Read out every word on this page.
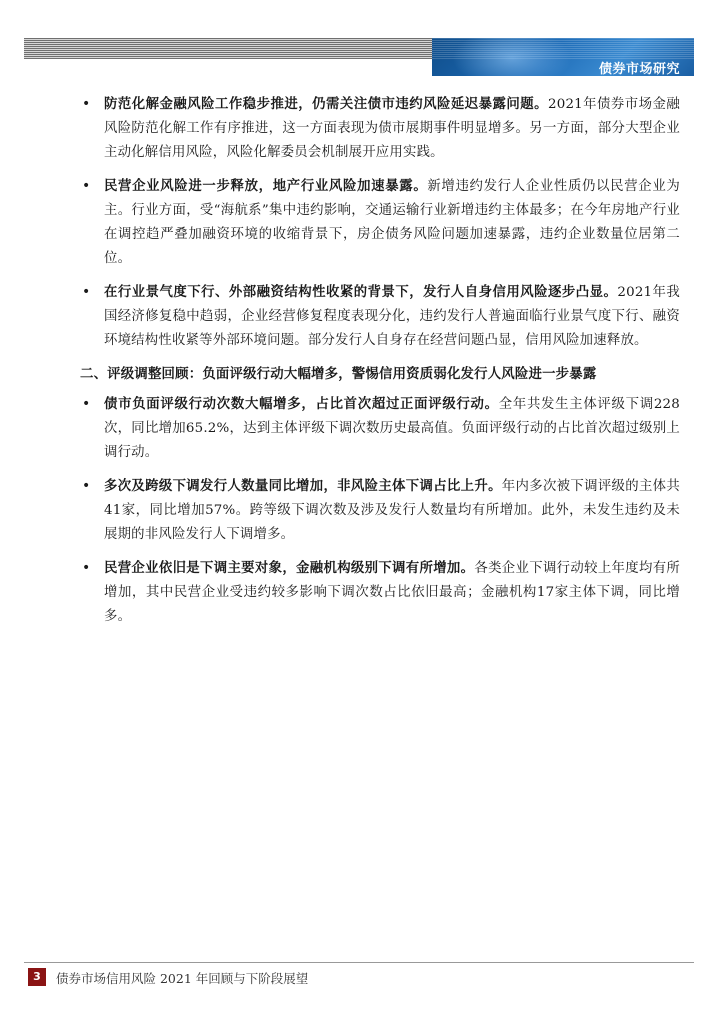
债券市场研究
• 防范化解金融风险工作稳步推进，仍需关注债市违约风险延迟暴露问题。2021年债券市场金融风险防范化解工作有序推进，这一方面表现为债市展期事件明显增多。另一方面，部分大型企业主动化解信用风险，风险化解委员会机制展开应用实践。

• 民营企业风险进一步释放，地产行业风险加速暴露。新增违约发行人企业性质仍以民营企业为主。行业方面，受“海航系”集中违约影响，交通运输行业新增违约主体最多；在今年房地产行业在调控趋严叠加融资环境的收缩背景下，房企债务风险问题加速暴露，违约企业数量位居第二位。

• 在行业景气度下行、外部融资结构性收紧的背景下，发行人自身信用风险逐步凸显。2021年我国经济修复稳中趋弱，企业经营修复程度表现分化，违约发行人普遍面临行业景气度下行、融资环境结构性收紧等外部环境问题。部分发行人自身存在经营问题凸显，信用风险加速释放。

二、评级调整回顾：负面评级行动大幅增多，警惕信用资质弱化发行人风险进一步暴露

• 债市负面评级行动次数大幅增多，占比首次超过正面评级行动。全年共发生主体评级下调228次，同比增加65.2%，达到主体评级下调次数历史最高值。负面评级行动的占比首次超过级别上调行动。

• 多次及跨级下调发行人数量同比增加，非风险主体下调占比上升。年内多次被下调评级的主体共41家，同比增加57%。跨等级下调次数及涉及发行人数量均有所增加。此外，未发生违约及未展期的非风险发行人下调增多。

• 民营企业依旧是下调主要对象，金融机构级别下调有所增加。各类企业下调行动较上年度均有所增加，其中民营企业受违约较多影响下调次数占比依旧最高；金融机构17家主体下调，同比增多。

3	债券市场信用风险 2021 年回顾与下阶段展望
